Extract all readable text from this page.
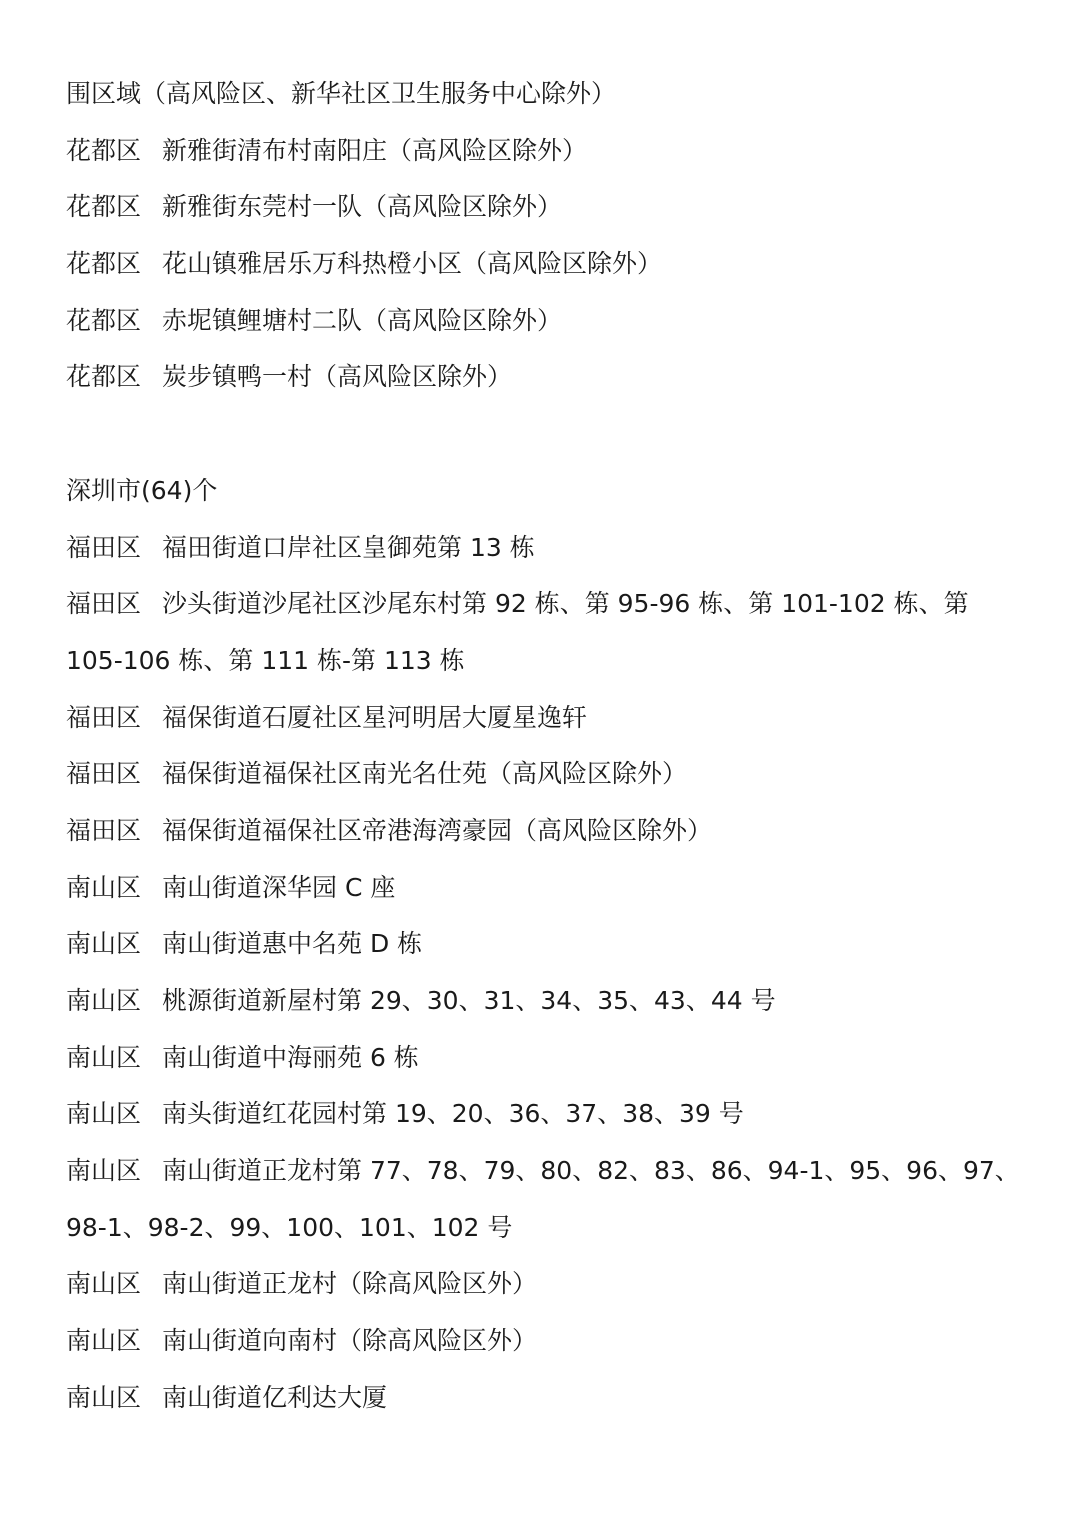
围区域（高风险区、新华社区卫生服务中心除外）
花都区 新雅街清布村南阳庄（高风险区除外）
花都区 新雅街东莞村一队（高风险区除外）
花都区 花山镇雅居乐万科热橙小区（高风险区除外）
花都区 赤坭镇鲤塘村二队（高风险区除外）
花都区 炭步镇鸭一村（高风险区除外）
深圳市(64)个
福田区 福田街道口岸社区皇御苑第 13 栋
福田区 沙头街道沙尾社区沙尾东村第 92 栋、第 95-96 栋、第 101-102 栋、第
105-106 栋、第 111 栋-第 113 栋
福田区 福保街道石厦社区星河明居大厦星逸轩
福田区 福保街道福保社区南光名仕苑（高风险区除外）
福田区 福保街道福保社区帝港海湾豪园（高风险区除外）
南山区 南山街道深华园 C 座
南山区 南山街道惠中名苑 D 栋
南山区 桃源街道新屋村第 29、30、31、34、35、43、44 号
南山区 南山街道中海丽苑 6 栋
南山区 南头街道红花园村第 19、20、36、37、38、39 号
南山区 南山街道正龙村第 77、78、79、80、82、83、86、94-1、95、96、97、
98-1、98-2、99、100、101、102 号
南山区 南山街道正龙村（除高风险区外）
南山区 南山街道向南村（除高风险区外）
南山区 南山街道亿利达大厦
